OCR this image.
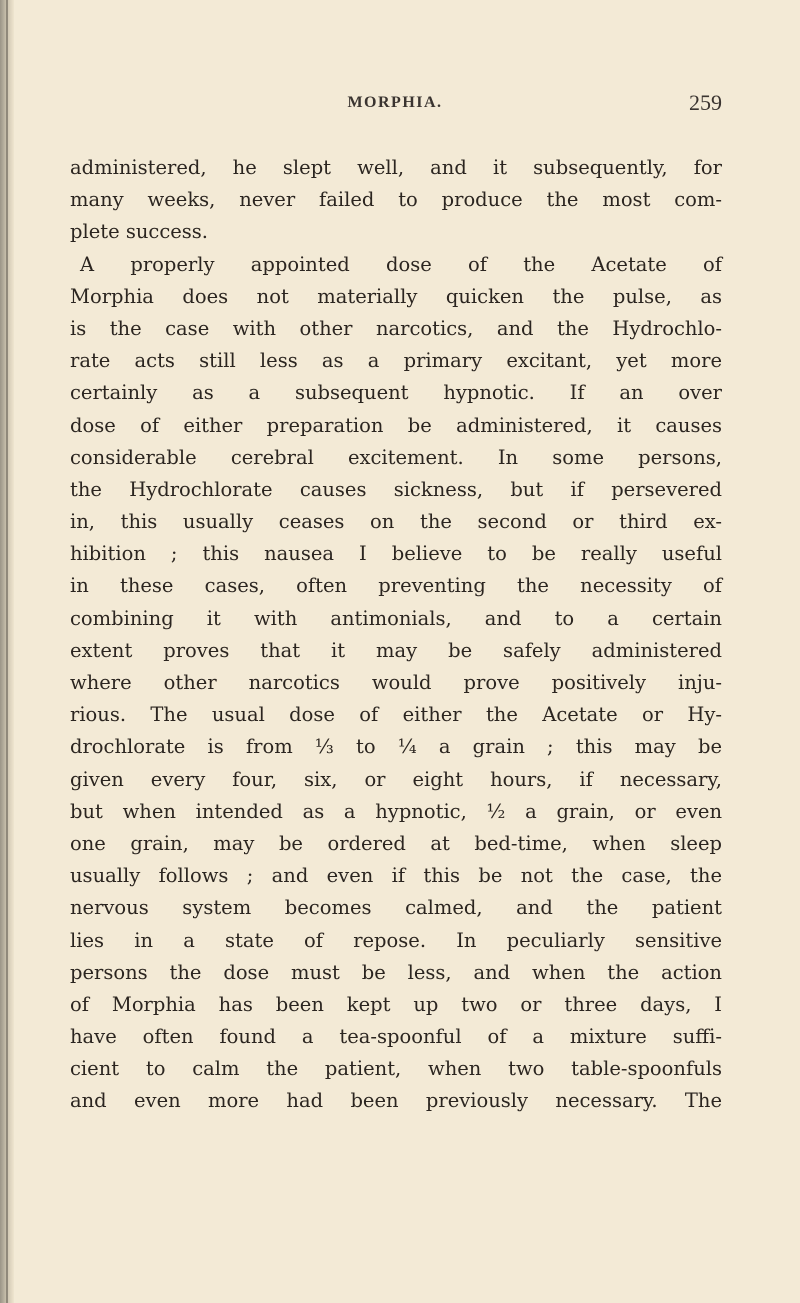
MORPHIA.	259
administered, he slept well, and it subsequently, for
many weeks, never failed to produce the most com-
plete success.
A properly appointed dose of the Acetate of
Morphia does not materially quicken the pulse, as
is the case with other narcotics, and the Hydrochlo-
rate acts still less as a primary excitant, yet more
certainly as a subsequent hypnotic. If an over
dose of either preparation be administered, it causes
considerable cerebral excitement. In some persons,
the Hydrochlorate causes sickness, but if persevered
in, this usually ceases on the second or third ex-
hibition ; this nausea I believe to be really useful
in these cases, often preventing the necessity of
combining it with antimonials, and to a certain
extent proves that it may be safely administered
where other narcotics would prove positively inju-
rious. The usual dose of either the Acetate or Hy-
drochlorate is from ⅓ to ¼ a grain ; this may be
given every four, six, or eight hours, if necessary,
but when intended as a hypnotic, ½ a grain, or even
one grain, may be ordered at bed-time, when sleep
usually follows ; and even if this be not the case, the
nervous system becomes calmed, and the patient
lies in a state of repose. In peculiarly sensitive
persons the dose must be less, and when the action
of Morphia has been kept up two or three days, I
have often found a tea-spoonful of a mixture suffi-
cient to calm the patient, when two table-spoonfuls
and even more had been previously necessary. The
